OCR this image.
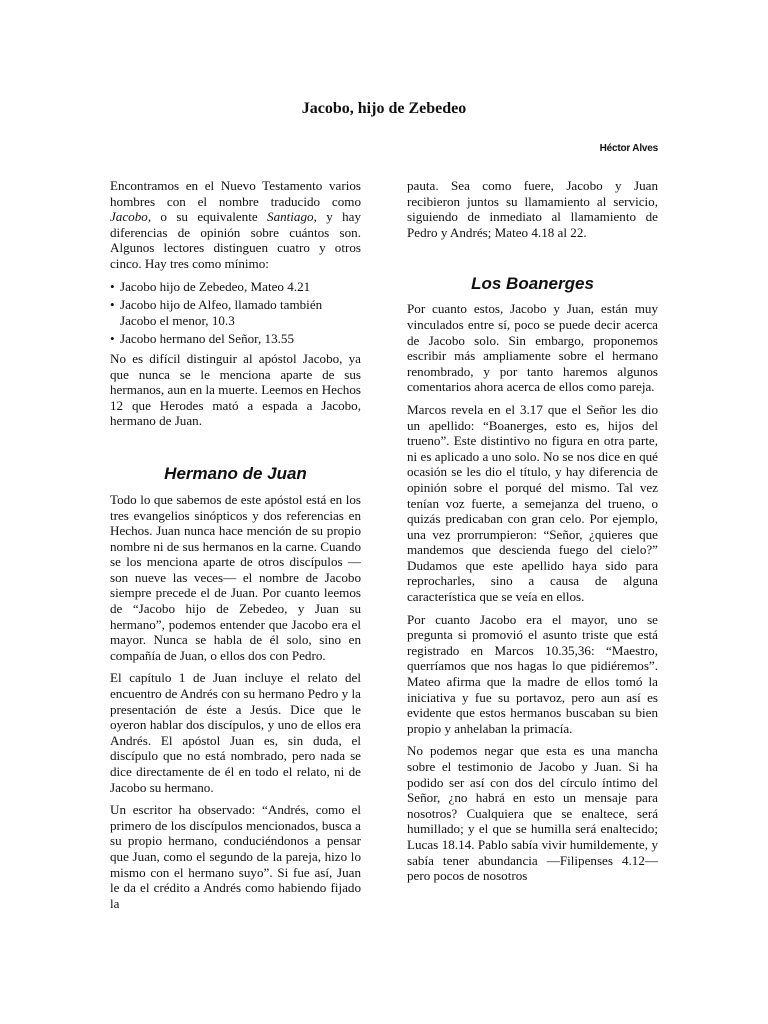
Jacobo, hijo de Zebedeo
Héctor Alves

Encontramos en el Nuevo Testamento varios hombres con el nombre traducido como Jacobo, o su equivalente Santiago, y hay diferencias de opinión sobre cuántos son. Algunos lectores distinguen cuatro y otros cinco. Hay tres como mínimo:

• Jacobo hijo de Zebedeo, Mateo 4.21
• Jacobo hijo de Alfeo, llamado también Jacobo el menor, 10.3
• Jacobo hermano del Señor, 13.55

No es difícil distinguir al apóstol Jacobo, ya que nunca se le menciona aparte de sus hermanos, aun en la muerte. Leemos en Hechos 12 que Herodes mató a espada a Jacobo, hermano de Juan.

Hermano de Juan

Todo lo que sabemos de este apóstol está en los tres evangelios sinópticos y dos referencias en Hechos. Juan nunca hace mención de su propio nombre ni de sus hermanos en la carne. Cuando se los menciona aparte de otros discípulos —son nueve las veces— el nombre de Jacobo siempre precede el de Juan. Por cuanto leemos de “Jacobo hijo de Zebedeo, y Juan su hermano”, podemos entender que Jacobo era el mayor. Nunca se habla de él solo, sino en compañía de Juan, o ellos dos con Pedro.

El capítulo 1 de Juan incluye el relato del encuentro de Andrés con su hermano Pedro y la presentación de éste a Jesús. Dice que le oyeron hablar dos discípulos, y uno de ellos era Andrés. El apóstol Juan es, sin duda, el discípulo que no está nombrado, pero nada se dice directamente de él en todo el relato, ni de Jacobo su hermano.

Un escritor ha observado: “Andrés, como el primero de los discípulos mencionados, busca a su propio hermano, conduciéndonos a pensar que Juan, como el segundo de la pareja, hizo lo mismo con el hermano suyo”. Si fue así, Juan le da el crédito a Andrés como habiendo fijado la

pauta. Sea como fuere, Jacobo y Juan recibieron juntos su llamamiento al servicio, siguiendo de inmediato al llamamiento de Pedro y Andrés; Mateo 4.18 al 22.

Los Boanerges

Por cuanto estos, Jacobo y Juan, están muy vinculados entre sí, poco se puede decir acerca de Jacobo solo. Sin embargo, proponemos escribir más ampliamente sobre el hermano renombrado, y por tanto haremos algunos comentarios ahora acerca de ellos como pareja.

Marcos revela en el 3.17 que el Señor les dio un apellido: “Boanerges, esto es, hijos del trueno”. Este distintivo no figura en otra parte, ni es aplicado a uno solo. No se nos dice en qué ocasión se les dio el título, y hay diferencia de opinión sobre el porqué del mismo. Tal vez tenían voz fuerte, a semejanza del trueno, o quizás predicaban con gran celo. Por ejemplo, una vez prorrumpieron: “Señor, ¿quieres que mandemos que descienda fuego del cielo?” Dudamos que este apellido haya sido para reprocharles, sino a causa de alguna característica que se veía en ellos.

Por cuanto Jacobo era el mayor, uno se pregunta si promovió el asunto triste que está registrado en Marcos 10.35,36: “Maestro, querríamos que nos hagas lo que pidiéremos”. Mateo afirma que la madre de ellos tomó la iniciativa y fue su portavoz, pero aun así es evidente que estos hermanos buscaban su bien propio y anhelaban la primacía.

No podemos negar que esta es una mancha sobre el testimonio de Jacobo y Juan. Si ha podido ser así con dos del círculo íntimo del Señor, ¿no habrá en esto un mensaje para nosotros? Cualquiera que se enaltece, será humillado; y el que se humilla será enaltecido; Lucas 18.14. Pablo sabía vivir humildemente, y sabía tener abundancia —Filipenses 4.12— pero pocos de nosotros
